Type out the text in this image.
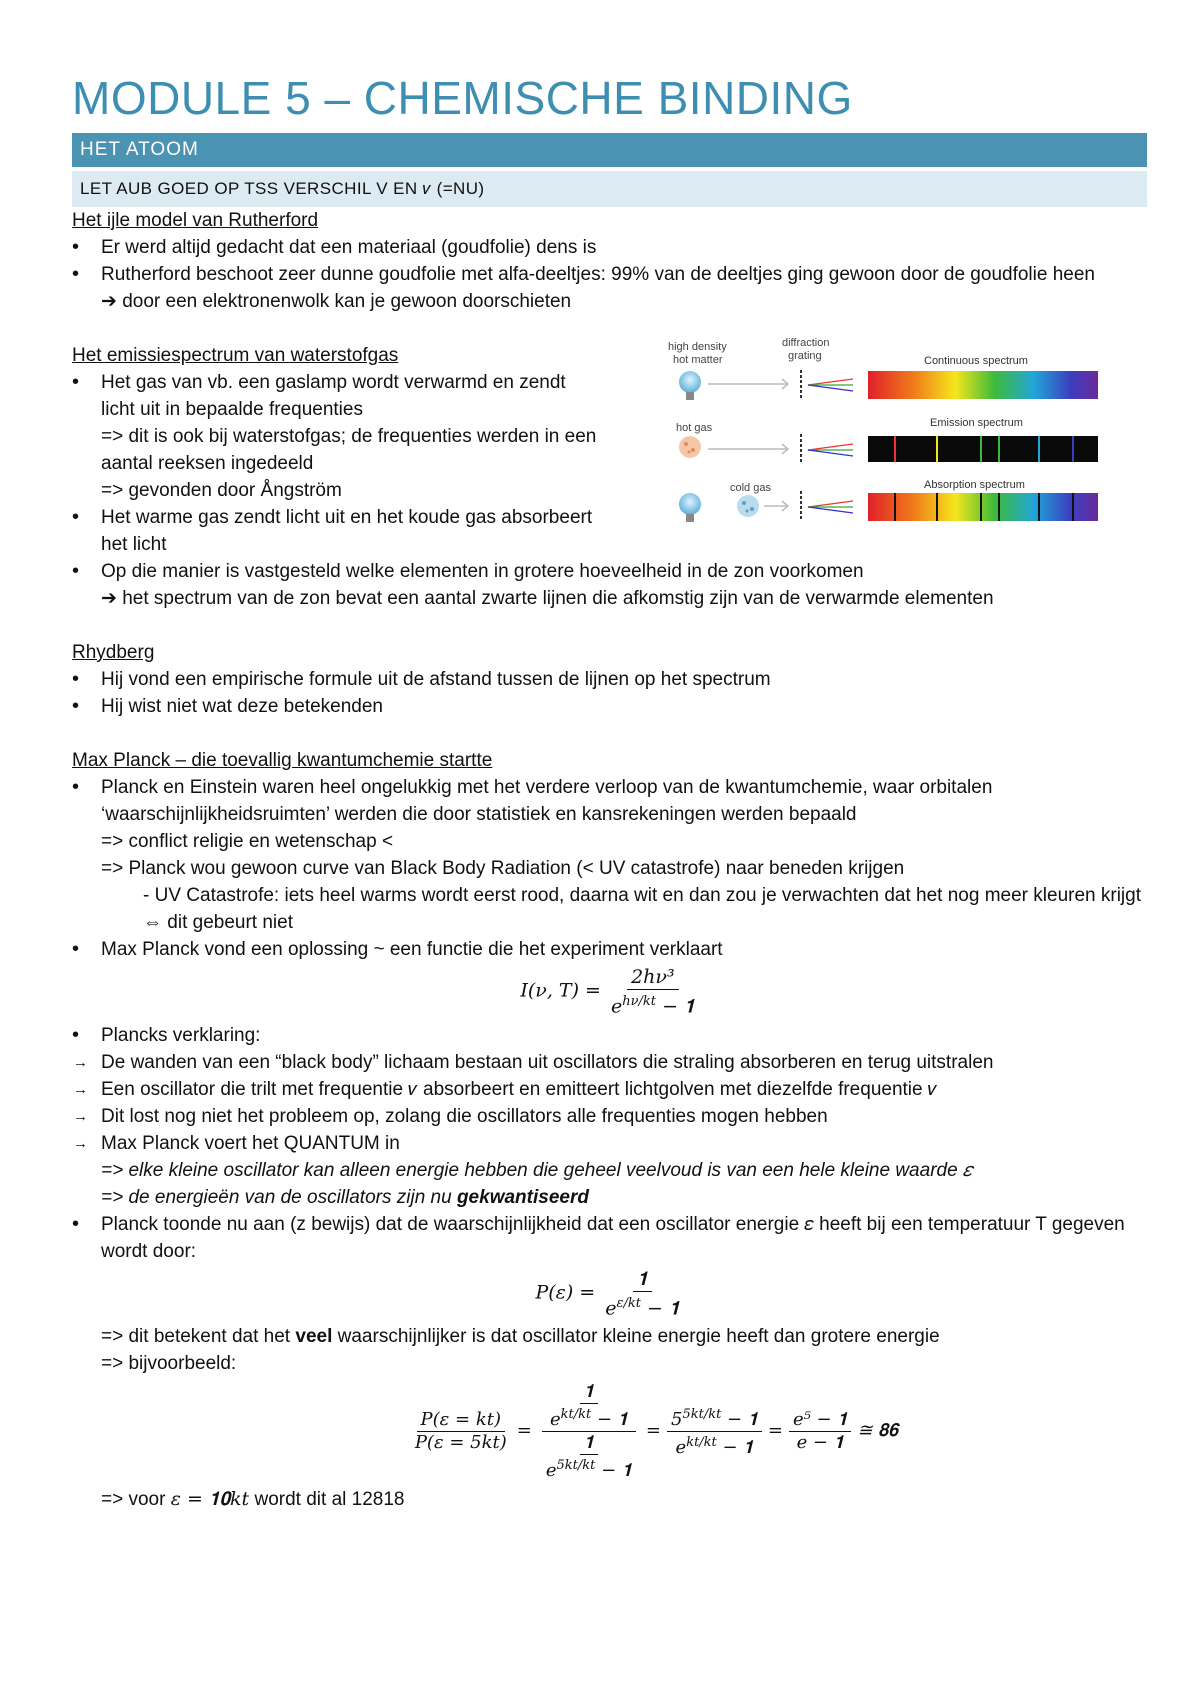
MODULE 5 – CHEMISCHE BINDING
HET ATOOM
LET AUB GOED OP TSS VERSCHIL V EN 𝜈 (=NU)
Het ijle model van Rutherford
• Er werd altijd gedacht dat een materiaal (goudfolie) dens is
• Rutherford beschoot zeer dunne goudfolie met alfa-deeltjes: 99% van de deeltjes ging gewoon door de goudfolie heen
➔ door een elektronenwolk kan je gewoon doorschieten
Het emissiespectrum van waterstofgas
• Het gas van vb. een gaslamp wordt verwarmd en zendt licht uit in bepaalde frequenties
=> dit is ook bij waterstofgas; de frequenties werden in een aantal reeksen ingedeeld
=> gevonden door Ångström
• Het warme gas zendt licht uit en het koude gas absorbeert het licht
• Op die manier is vastgesteld welke elementen in grotere hoeveelheid in de zon voorkomen
➔ het spectrum van de zon bevat een aantal zwarte lijnen die afkomstig zijn van de verwarmde elementen
high density
hot matter
diffraction
grating
hot gas
cold gas
Continuous spectrum
Emission spectrum
Absorption spectrum
Rhydberg
• Hij vond een empirische formule uit de afstand tussen de lijnen op het spectrum
• Hij wist niet wat deze betekenden
Max Planck – die toevallig kwantumchemie startte
• Planck en Einstein waren heel ongelukkig met het verdere verloop van de kwantumchemie, waar orbitalen ‘waarschijnlijkheidsruimten’ werden die door statistiek en kansrekeningen werden bepaald
=> conflict religie en wetenschap <
=> Planck wou gewoon curve van Black Body Radiation (< UV catastrofe) naar beneden krijgen
- UV Catastrofe: iets heel warms wordt eerst rood, daarna wit en dan zou je verwachten dat het nog meer kleuren krijgt ⇔ dit gebeurt niet
• Max Planck vond een oplossing ~ een functie die het experiment verklaart
𝐼(𝜈, 𝑇) = $\frac{\text{2ℎ𝜈³}}{𝑒^{ℎ𝜈/𝑘𝑡} - 𝟏}$
• Plancks verklaring:
→ De wanden van een “black body” lichaam bestaan uit oscillators die straling absorberen en terug uitstralen
→ Een oscillator die trilt met frequentie 𝜈 absorbeert en emitteert lichtgolven met diezelfde frequentie 𝜈
→ Dit lost nog niet het probleem op, zolang die oscillators alle frequenties mogen hebben
→ Max Planck voert het QUANTUM in
=> elke kleine oscillator kan alleen energie hebben die geheel veelvoud is van een hele kleine waarde 𝜀
=> de energieën van de oscillators zijn nu gekwantiseerd
• Planck toonde nu aan (z bewijs) dat de waarschijnlijkheid dat een oscillator energie 𝜀 heeft bij een temperatuur T gegeven wordt door:
𝑃(𝜀) = $\frac{𝟏}{𝑒^{𝜀/𝑘𝑡} - 𝟏}$
=> dit betekent dat het veel waarschijnlijker is dat oscillator kleine energie heeft dan grotere energie
=> bijvoorbeeld:
$\frac{\text{𝑃(𝜀 = 𝑘𝑡)}}{\text{𝑃(𝜀 = 5𝑘𝑡)}} = \frac{\frac{𝟏}{𝑒^{𝑘𝑡/𝑘𝑡} - 𝟏}}{\frac{𝟏}{𝑒^{5𝑘𝑡/𝑘𝑡} - 𝟏}} = \frac{5^{5𝑘𝑡/𝑘𝑡} - 𝟏}{𝑒^{𝑘𝑡/𝑘𝑡} - 𝟏} = \frac{\text{𝑒⁵ − 𝟏}}{\text{𝑒 − 𝟏}}$ ≅ 𝟖𝟔
=> voor 𝜀 = 𝟏𝟎𝑘𝑡 wordt dit al 12818
